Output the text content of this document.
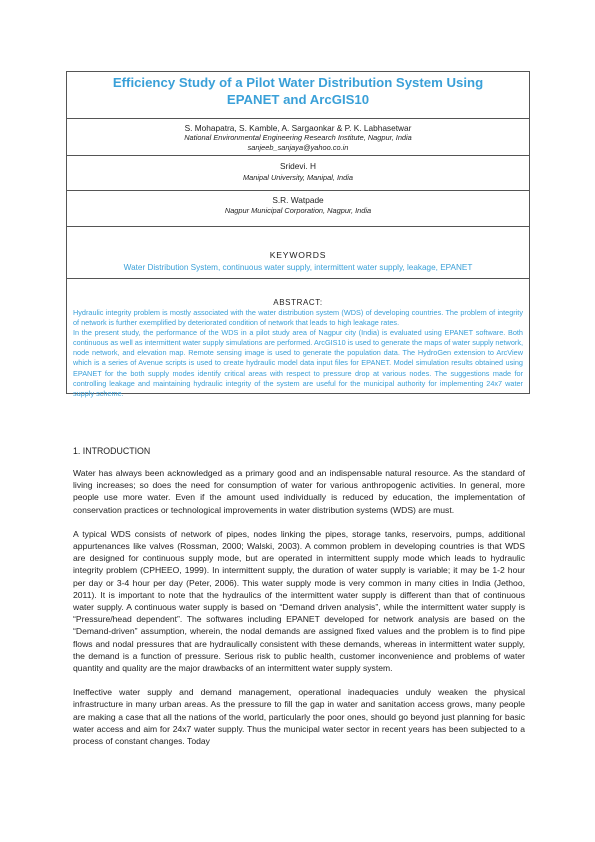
Efficiency Study of a Pilot Water Distribution System Using
EPANET and ArcGIS10
S. Mohapatra, S. Kamble, A. Sargaonkar & P. K. Labhasetwar
National Environmental Engineering Research Institute, Nagpur, India
sanjeeb_sanjaya@yahoo.co.in
Sridevi. H
Manipal University, Manipal, India
S.R. Watpade
Nagpur Municipal Corporation, Nagpur, India
KEYWORDS
Water Distribution System, continuous water supply, intermittent water supply, leakage, EPANET
ABSTRACT:

Hydraulic integrity problem is mostly associated with the water distribution system (WDS) of developing countries. The problem of integrity of network is further exemplified by deteriorated condition of network that leads to high leakage rates.

In the present study, the performance of the WDS in a pilot study area of Nagpur city (India) is evaluated using EPANET software. Both continuous as well as intermittent water supply simulations are performed. ArcGIS10 is used to generate the maps of water supply network, node network, and elevation map. Remote sensing image is used to generate the population data. The HydroGen extension to ArcView which is a series of Avenue scripts is used to create hydraulic model data input files for EPANET. Model simulation results obtained using EPANET for the both supply modes identify critical areas with respect to pressure drop at various nodes. The suggestions made for controlling leakage and maintaining hydraulic integrity of the system are useful for the municipal authority for implementing 24x7 water supply scheme.

1. INTRODUCTION

Water has always been acknowledged as a primary good and an indispensable natural resource. As the standard of living increases; so does the need for consumption of water for various anthropogenic activities. In general, more people use more water. Even if the amount used individually is reduced by education, the implementation of conservation practices or technological improvements in water distribution systems (WDS) are must.

A typical WDS consists of network of pipes, nodes linking the pipes, storage tanks, reservoirs, pumps, additional appurtenances like valves (Rossman, 2000; Walski, 2003). A common problem in developing countries is that WDS are designed for continuous supply mode, but are operated in intermittent supply mode which leads to hydraulic integrity problem (CPHEEO, 1999). In intermittent supply, the duration of water supply is variable; it may be 1-2 hour per day or 3-4 hour per day (Peter, 2006). This water supply mode is very common in many cities in India (Jethoo, 2011). It is important to note that the hydraulics of the intermittent water supply is different than that of continuous water supply. A continuous water supply is based on “Demand driven analysis”, while the intermittent water supply is “Pressure/head dependent”. The softwares including EPANET developed for network analysis are based on the “Demand-driven” assumption, wherein, the nodal demands are assigned fixed values and the problem is to find pipe flows and nodal pressures that are hydraulically consistent with these demands, whereas in intermittent water supply, the demand is a function of pressure. Serious risk to public health, customer inconvenience and problems of water quantity and quality are the major drawbacks of an intermittent water supply system.

Ineffective water supply and demand management, operational inadequacies unduly weaken the physical infrastructure in many urban areas. As the pressure to fill the gap in water and sanitation access grows, many people are making a case that all the nations of the world, particularly the poor ones, should go beyond just planning for basic water access and aim for 24x7 water supply. Thus the municipal water sector in recent years has been subjected to a process of constant changes. Today
